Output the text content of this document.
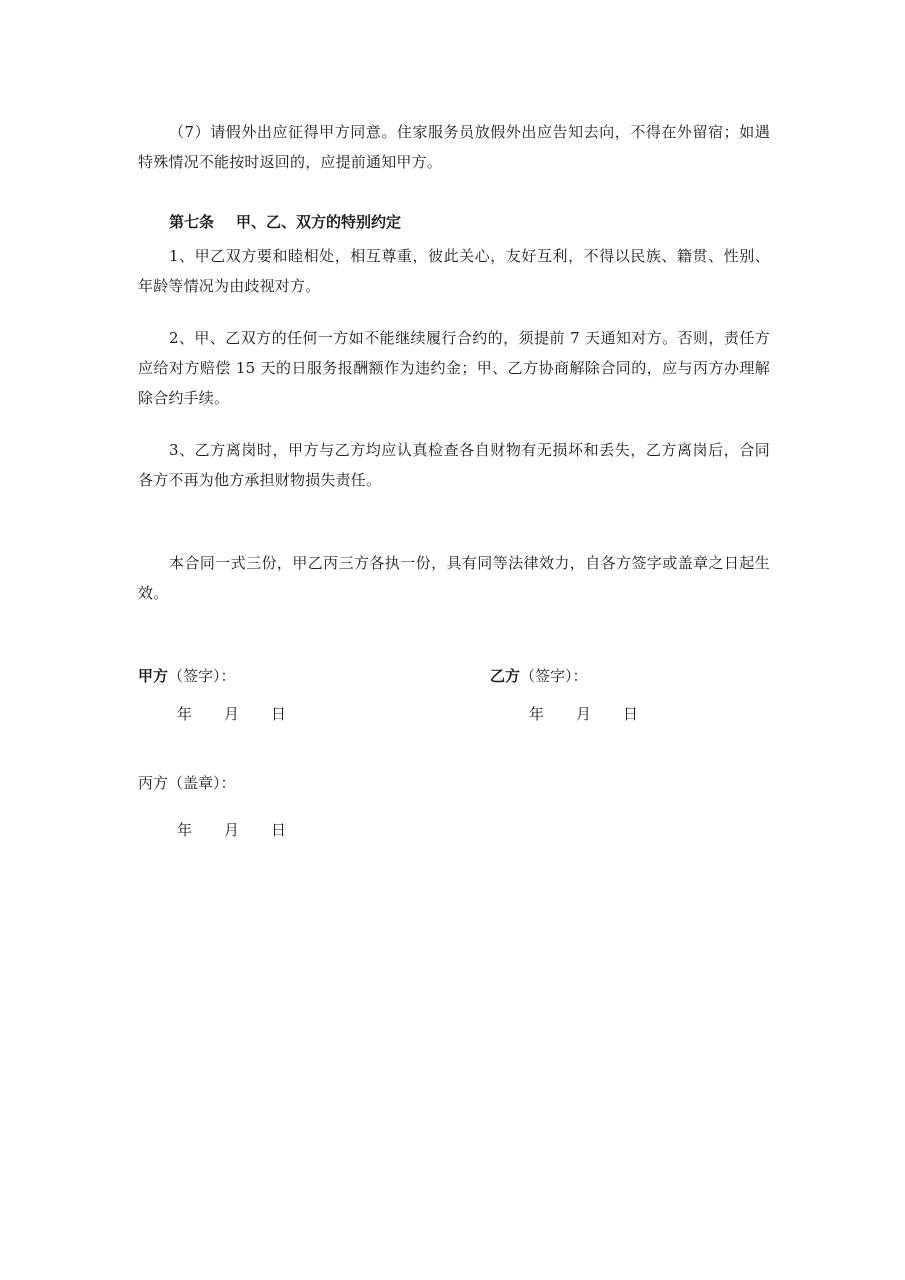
（7）请假外出应征得甲方同意。住家服务员放假外出应告知去向，不得在外留宿；如遇特殊情况不能按时返回的，应提前通知甲方。

第七条 甲、乙、双方的特别约定

1、甲乙双方要和睦相处，相互尊重，彼此关心，友好互利，不得以民族、籍贯、性别、年龄等情况为由歧视对方。

2、甲、乙双方的任何一方如不能继续履行合约的，须提前 7 天通知对方。否则，责任方应给对方赔偿 15 天的日服务报酬额作为违约金；甲、乙方协商解除合同的，应与丙方办理解除合约手续。

3、乙方离岗时，甲方与乙方均应认真检查各自财物有无损坏和丢失，乙方离岗后，合同各方不再为他方承担财物损失责任。

本合同一式三份，甲乙丙三方各执一份，具有同等法律效力，自各方签字或盖章之日起生效。

甲方（签字）：	乙方（签字）：
年 月 日	年 月 日
丙方（盖章）：
年 月 日
